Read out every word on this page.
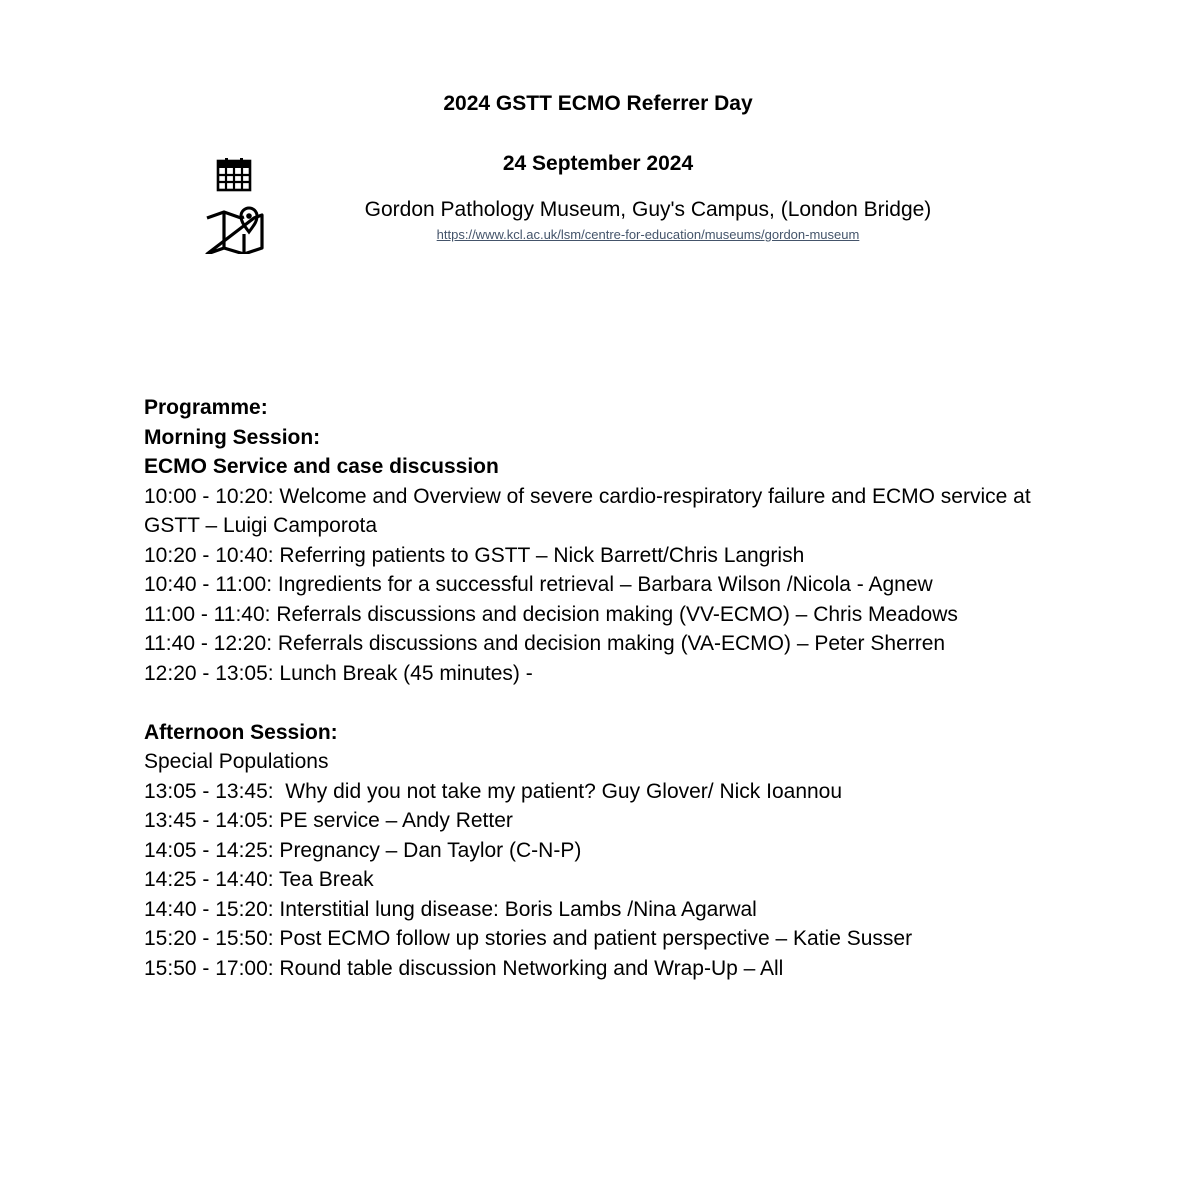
2024 GSTT ECMO Referrer Day
24 September 2024
Gordon Pathology Museum, Guy's Campus, (London Bridge)
https://www.kcl.ac.uk/lsm/centre-for-education/museums/gordon-museum
Programme:
Morning Session:
ECMO Service and case discussion
10:00 - 10:20: Welcome and Overview of severe cardio-respiratory failure and ECMO service at GSTT – Luigi Camporota
10:20 - 10:40: Referring patients to GSTT – Nick Barrett/Chris Langrish
10:40 - 11:00: Ingredients for a successful retrieval – Barbara Wilson /Nicola - Agnew
11:00 - 11:40: Referrals discussions and decision making (VV-ECMO) – Chris Meadows
11:40 - 12:20: Referrals discussions and decision making (VA-ECMO) – Peter Sherren
12:20 - 13:05: Lunch Break (45 minutes) -
Afternoon Session:
Special Populations
13:05 - 13:45:  Why did you not take my patient? Guy Glover/ Nick Ioannou
13:45 - 14:05: PE service – Andy Retter
14:05 - 14:25: Pregnancy – Dan Taylor (C-N-P)
14:25 - 14:40: Tea Break
14:40 - 15:20: Interstitial lung disease: Boris Lambs /Nina Agarwal
15:20 - 15:50: Post ECMO follow up stories and patient perspective – Katie Susser
15:50 - 17:00: Round table discussion Networking and Wrap-Up – All
